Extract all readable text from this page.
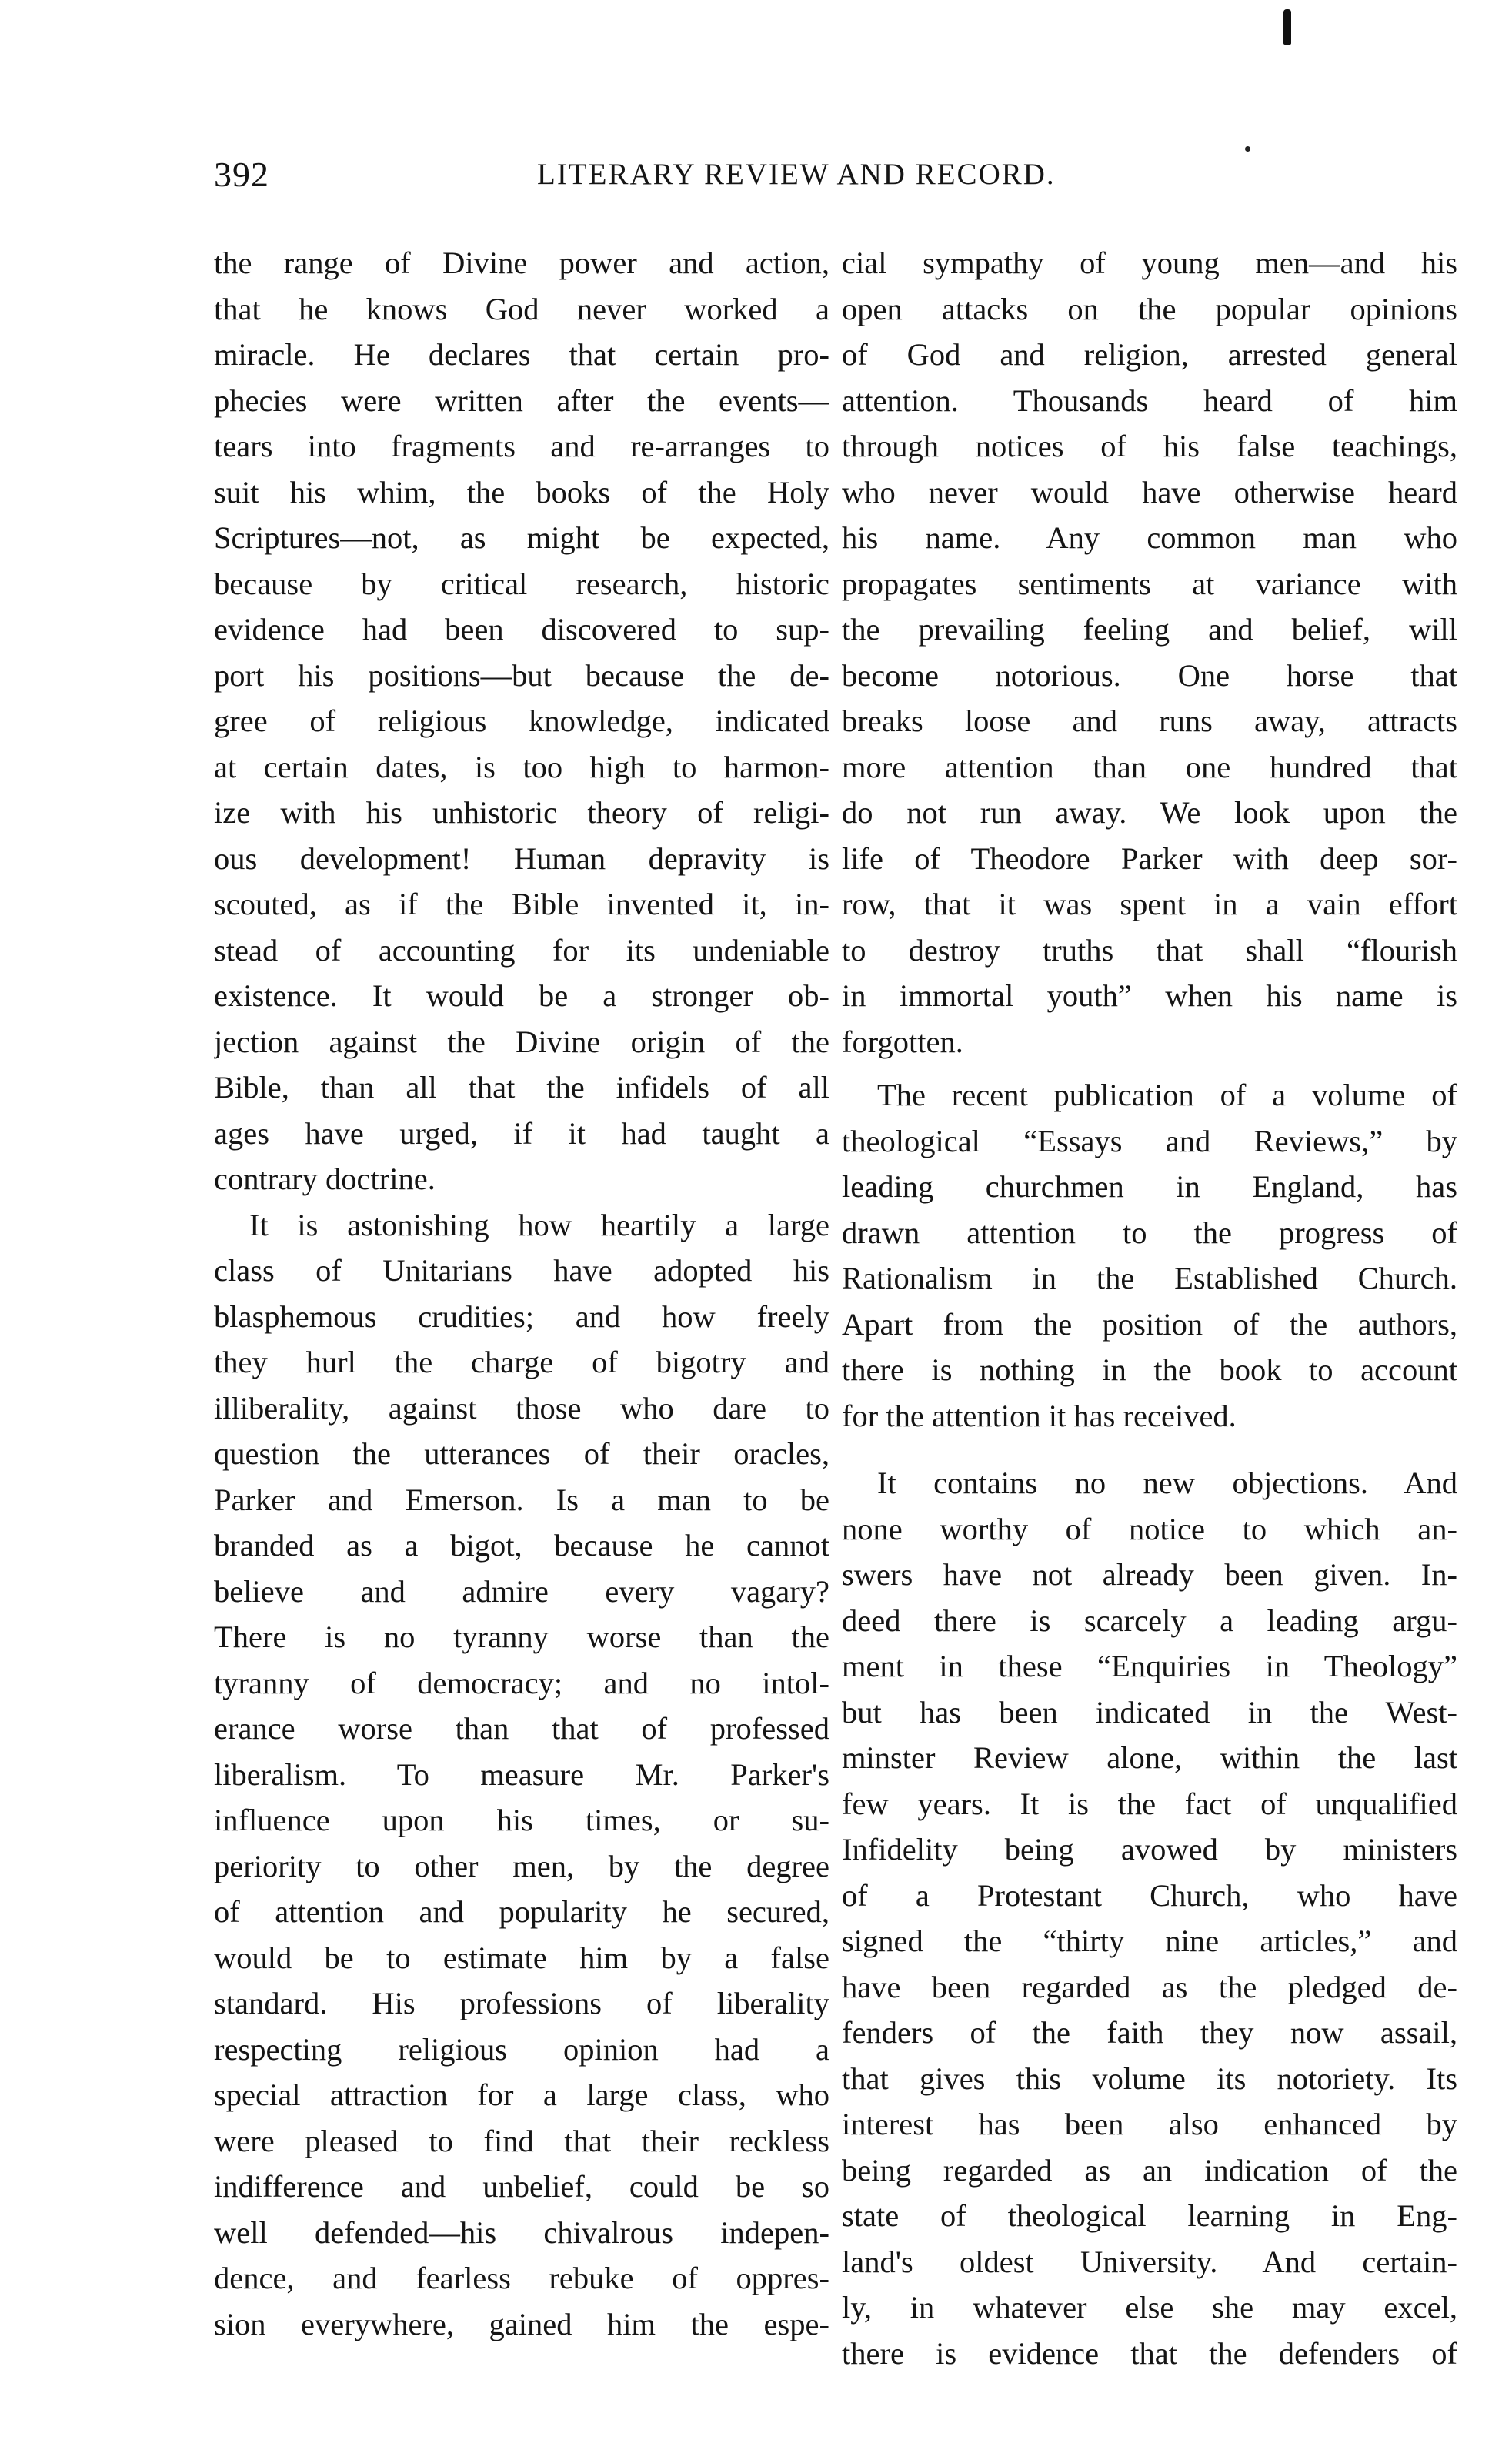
392	LITERARY REVIEW AND RECORD.
the range of Divine power and action,
that he knows God never worked a
miracle. He declares that certain pro-
phecies were written after the events—
tears into fragments and re-arranges to
suit his whim, the books of the Holy
Scriptures—not, as might be expected,
because by critical research, historic
evidence had been discovered to sup-
port his positions—but because the de-
gree of religious knowledge, indicated
at certain dates, is too high to harmon-
ize with his unhistoric theory of religi-
ous development! Human depravity is
scouted, as if the Bible invented it, in-
stead of accounting for its undeniable
existence. It would be a stronger ob-
jection against the Divine origin of the
Bible, than all that the infidels of all
ages have urged, if it had taught a
contrary doctrine.
It is astonishing how heartily a large
class of Unitarians have adopted his
blasphemous crudities; and how freely
they hurl the charge of bigotry and
illiberality, against those who dare to
question the utterances of their oracles,
Parker and Emerson. Is a man to be
branded as a bigot, because he cannot
believe and admire every vagary?
There is no tyranny worse than the
tyranny of democracy; and no intol-
erance worse than that of professed
liberalism. To measure Mr. Parker's
influence upon his times, or su-
periority to other men, by the degree
of attention and popularity he secured,
would be to estimate him by a false
standard. His professions of liberality
respecting religious opinion had a
special attraction for a large class, who
were pleased to find that their reckless
indifference and unbelief, could be so
well defended—his chivalrous indepen-
dence, and fearless rebuke of oppres-
sion everywhere, gained him the espe-
cial sympathy of young men—and his
open attacks on the popular opinions
of God and religion, arrested general
attention. Thousands heard of him
through notices of his false teachings,
who never would have otherwise heard
his name. Any common man who
propagates sentiments at variance with
the prevailing feeling and belief, will
become notorious. One horse that
breaks loose and runs away, attracts
more attention than one hundred that
do not run away. We look upon the
life of Theodore Parker with deep sor-
row, that it was spent in a vain effort
to destroy truths that shall “flourish
in immortal youth” when his name is
forgotten.
The recent publication of a volume of
theological “Essays and Reviews,” by
leading churchmen in England, has
drawn attention to the progress of
Rationalism in the Established Church.
Apart from the position of the authors,
there is nothing in the book to account
for the attention it has received.
It contains no new objections. And
none worthy of notice to which an-
swers have not already been given. In-
deed there is scarcely a leading argu-
ment in these “Enquiries in Theology”
but has been indicated in the West-
minster Review alone, within the last
few years. It is the fact of unqualified
Infidelity being avowed by ministers
of a Protestant Church, who have
signed the “thirty nine articles,” and
have been regarded as the pledged de-
fenders of the faith they now assail,
that gives this volume its notoriety. Its
interest has been also enhanced by
being regarded as an indication of the
state of theological learning in Eng-
land's oldest University. And certain-
ly, in whatever else she may excel,
there is evidence that the defenders of
